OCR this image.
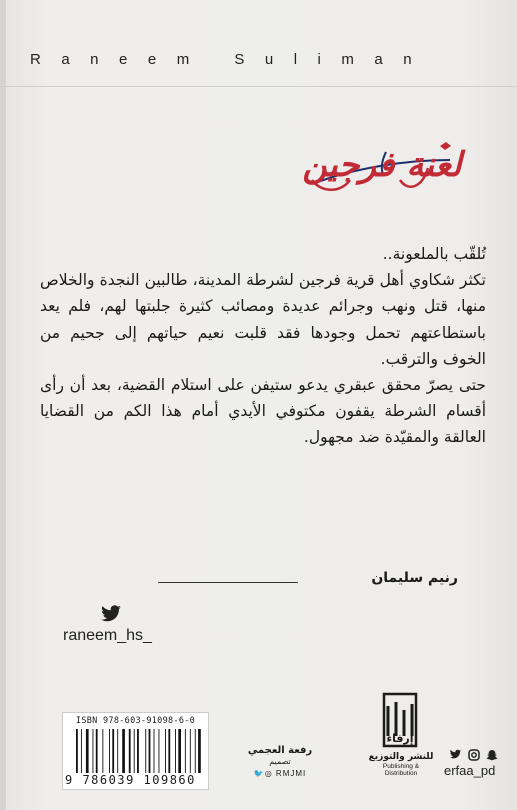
Raneem Suliman
لعنة فرجين

تُلقّب بالملعونة..

تكثر شكاوي أهل قرية فرجين لشرطة المدينة، طالبين النجدة والخلاص منها، قتل ونهب وجرائم عديدة ومصائب كثيرة جلبتها لهم، فلم يعد باستطاعتهم تحمل وجودها فقد قلبت نعيم حياتهم إلى جحيم من الخوف والترقب.

حتى يصرّ محقق عبقري يدعو ستيفن على استلام القضية، بعد أن رأى أقسام الشرطة يقفون مكتوفي الأيدي أمام هذا الكم من القضايا العالقة والمقيّدة ضد مجهول.

رنيم سليمان
raneem_hs_
ISBN 978-603-91098-6-0
9 786039 109860
رفعة العجمي
تصميم
🐦◎ RMJMI
إرفاء
للنشر والتوزيع
Publishing & Distribution	erfaa_pd
